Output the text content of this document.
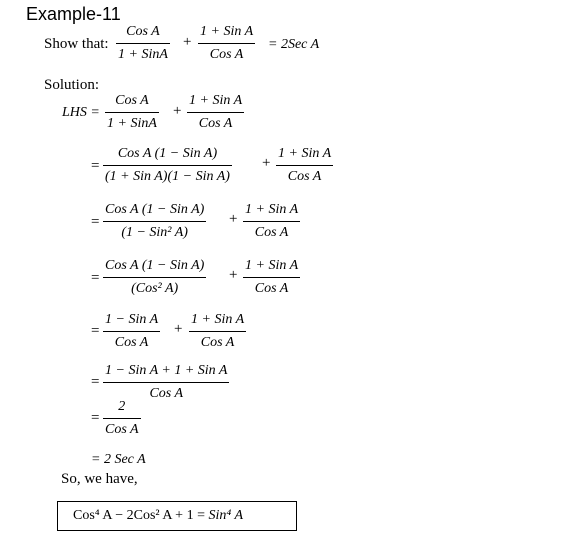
Example-11
Show that:
Cos A
1 + SinA
+
1 + Sin A
Cos A
= 2Sec A
Solution:
LHS =
Cos A
1 + SinA
+
1 + Sin A
Cos A
=
Cos A (1 − Sin A)
(1 + Sin A)(1 − Sin A)
+
1 + Sin A
Cos A
=
Cos A (1 − Sin A)
(1 − Sin² A)
+
1 + Sin A
Cos A
=
Cos A (1 − Sin A)
(Cos² A)
+
1 + Sin A
Cos A
=
1 − Sin A
Cos A
+
1 + Sin A
Cos A
=
1 − Sin A + 1 + Sin A
Cos A
=
2
Cos A
= 2 Sec A
So, we have,
Cos⁴ A − 2Cos² A + 1 = Sin⁴ A
